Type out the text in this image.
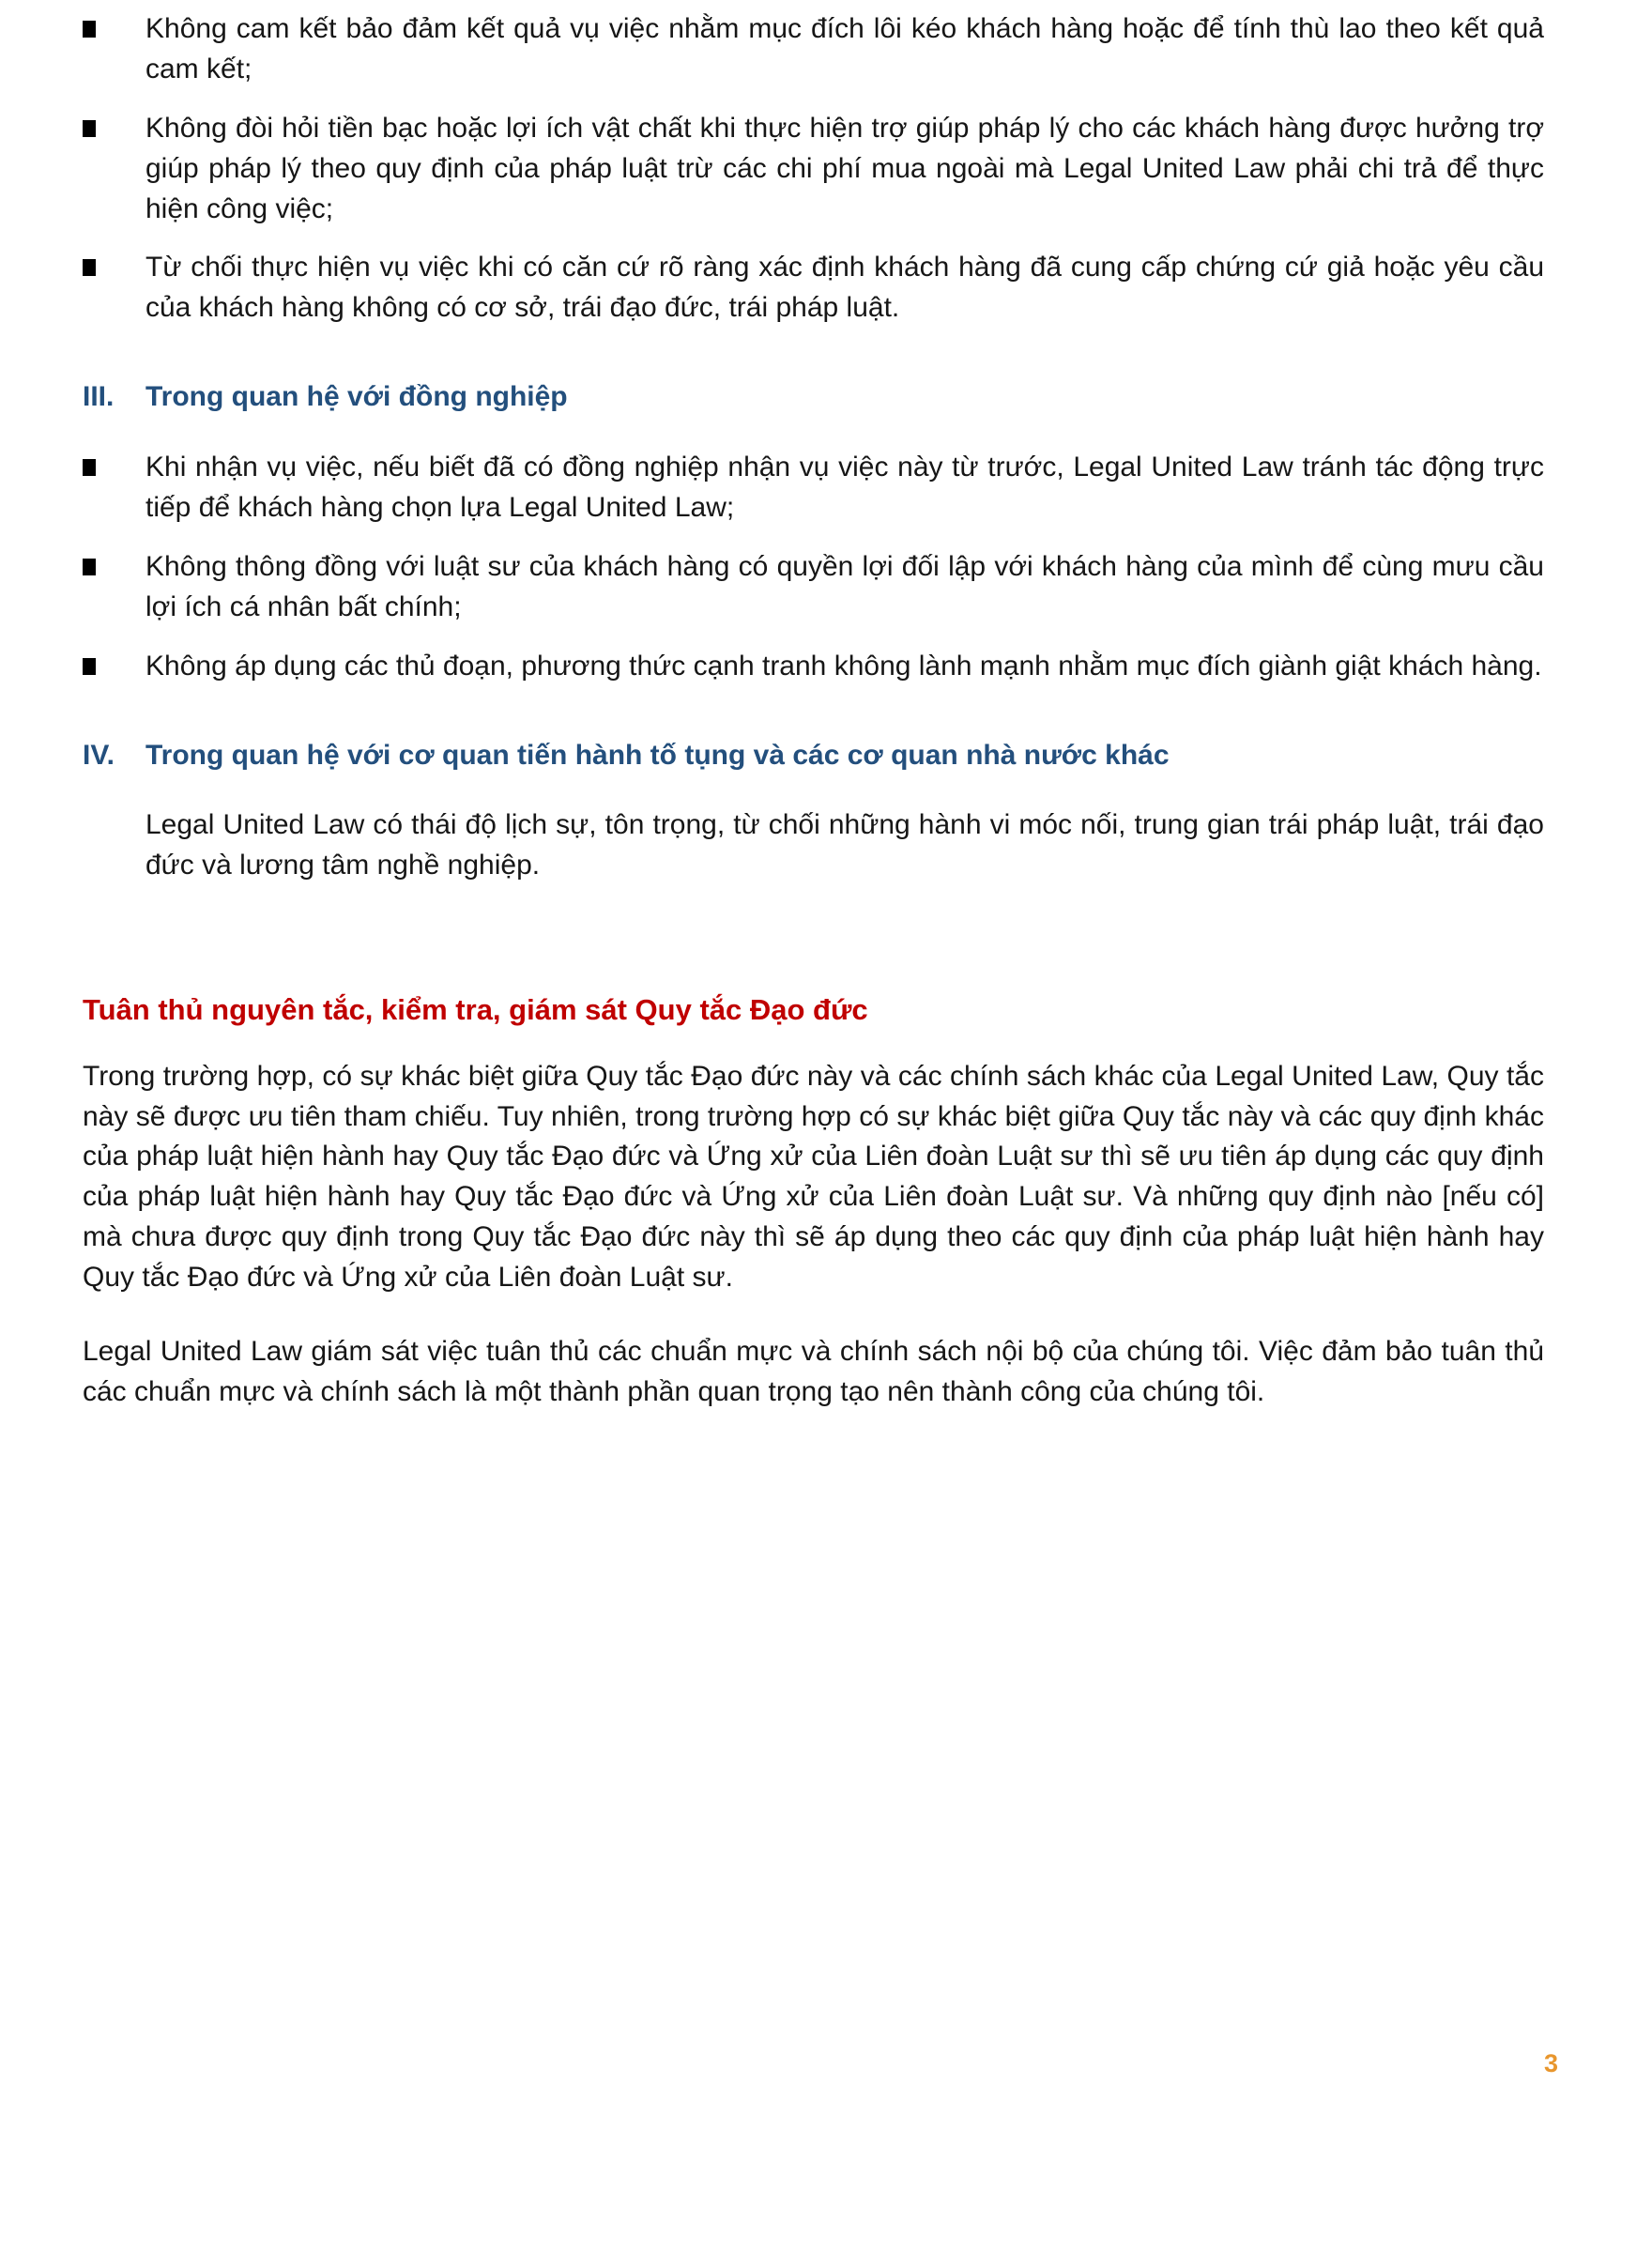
Không cam kết bảo đảm kết quả vụ việc nhằm mục đích lôi kéo khách hàng hoặc để tính thù lao theo kết quả cam kết;
Không đòi hỏi tiền bạc hoặc lợi ích vật chất khi thực hiện trợ giúp pháp lý cho các khách hàng được hưởng trợ giúp pháp lý theo quy định của pháp luật trừ các chi phí mua ngoài mà Legal United Law phải chi trả để thực hiện công việc;
Từ chối thực hiện vụ việc khi có căn cứ rõ ràng xác định khách hàng đã cung cấp chứng cứ giả hoặc yêu cầu của khách hàng không có cơ sở, trái đạo đức, trái pháp luật.
III.	Trong quan hệ với đồng nghiệp
Khi nhận vụ việc, nếu biết đã có đồng nghiệp nhận vụ việc này từ trước, Legal United Law tránh tác động trực tiếp để khách hàng chọn lựa Legal United Law;
Không thông đồng với luật sư của khách hàng có quyền lợi đối lập với khách hàng của mình để cùng mưu cầu lợi ích cá nhân bất chính;
Không áp dụng các thủ đoạn, phương thức cạnh tranh không lành mạnh nhằm mục đích giành giật khách hàng.
IV.	Trong quan hệ với cơ quan tiến hành tố tụng và các cơ quan nhà nước khác

Legal United Law có thái độ lịch sự, tôn trọng, từ chối những hành vi móc nối, trung gian trái pháp luật, trái đạo đức và lương tâm nghề nghiệp.

Tuân thủ nguyên tắc, kiểm tra, giám sát Quy tắc Đạo đức

Trong trường hợp, có sự khác biệt giữa Quy tắc Đạo đức này và các chính sách khác của Legal United Law, Quy tắc này sẽ được ưu tiên tham chiếu. Tuy nhiên, trong trường hợp có sự khác biệt giữa Quy tắc này và các quy định khác của pháp luật hiện hành hay Quy tắc Đạo đức và Ứng xử của Liên đoàn Luật sư thì sẽ ưu tiên áp dụng các quy định của pháp luật hiện hành hay Quy tắc Đạo đức và Ứng xử của Liên đoàn Luật sư. Và những quy định nào [nếu có] mà chưa được quy định trong Quy tắc Đạo đức này thì sẽ áp dụng theo các quy định của pháp luật hiện hành hay Quy tắc Đạo đức và Ứng xử của Liên đoàn Luật sư.

Legal United Law giám sát việc tuân thủ các chuẩn mực và chính sách nội bộ của chúng tôi. Việc đảm bảo tuân thủ các chuẩn mực và chính sách là một thành phần quan trọng tạo nên thành công của chúng tôi.

3
